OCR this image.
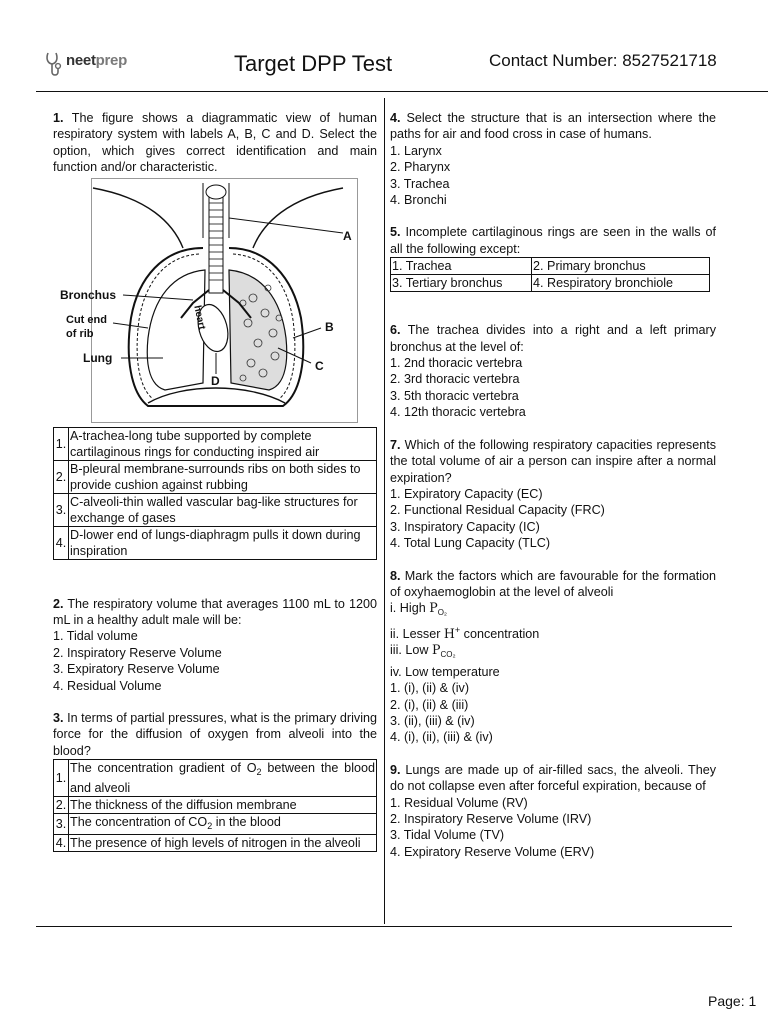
neetprep	Target DPP Test	Contact Number: 8527521718
Page: 1
1. The figure shows a diagrammatic view of human respiratory system with labels A, B, C and D. Select the option, which gives correct identification and main function and/or characteristic.
A
Bronchus
Cut end
of rib
Lung
heart	B
C
D
1.	A-trachea-long tube supported by complete cartilaginous rings for conducting inspired air
2.	B-pleural membrane-surrounds ribs on both sides to provide cushion against rubbing
3.	C-alveoli-thin walled vascular bag-like structures for exchange of gases
4.	D-lower end of lungs-diaphragm pulls it down during inspiration
2. The respiratory volume that averages 1100 mL to 1200 mL in a healthy adult male will be:
1. Tidal volume
2. Inspiratory Reserve Volume
3. Expiratory Reserve Volume
4. Residual Volume
3. In terms of partial pressures, what is the primary driving force for the diffusion of oxygen from alveoli into the blood?
1.	The concentration gradient of $O_2$ between the blood and alveoli
2.	The thickness of the diffusion membrane
3.	The concentration of $CO_2$ in the blood
4.	The presence of high levels of nitrogen in the alveoli
4. Select the structure that is an intersection where the paths for air and food cross in case of humans.
1. Larynx
2. Pharynx
3. Trachea
4. Bronchi
5. Incomplete cartilaginous rings are seen in the walls of all the following except:
1. Trachea	2. Primary bronchus
3. Tertiary bronchus	4. Respiratory bronchiole
6. The trachea divides into a right and a left primary bronchus at the level of:
1. 2nd thoracic vertebra
2. 3rd thoracic vertebra
3. 5th thoracic vertebra
4. 12th thoracic vertebra
7. Which of the following respiratory capacities represents the total volume of air a person can inspire after a normal expiration?
1. Expiratory Capacity (EC)
2. Functional Residual Capacity (FRC)
3. Inspiratory Capacity (IC)
4. Total Lung Capacity (TLC)
8. Mark the factors which are favourable for the formation of oxyhaemoglobin at the level of alveoli
i. High $P_{O_2}$
ii. Lesser H+ concentration
iii. Low $P_{CO_2}$
iv. Low temperature
1. (i), (ii) & (iv)
2. (i), (ii) & (iii)
3. (ii), (iii) & (iv)
4. (i), (ii), (iii) & (iv)
9. Lungs are made up of air-filled sacs, the alveoli. They do not collapse even after forceful expiration, because of
1. Residual Volume (RV)
2. Inspiratory Reserve Volume (IRV)
3. Tidal Volume (TV)
4. Expiratory Reserve Volume (ERV)
